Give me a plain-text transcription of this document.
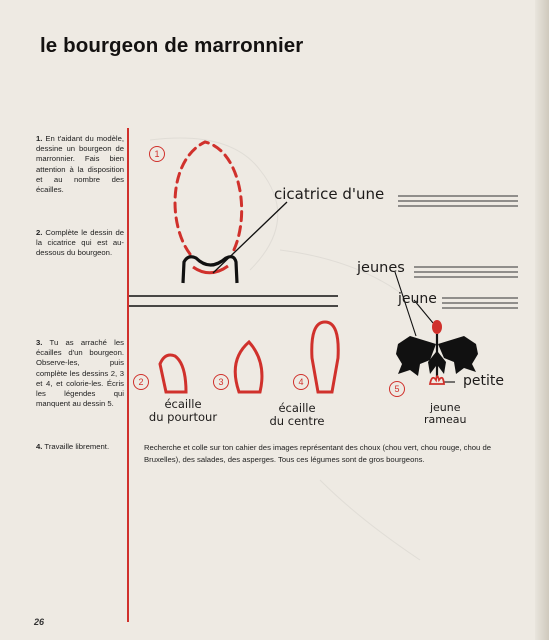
le bourgeon de marronnier
1. En t'aidant du modèle, dessine un bourgeon de marronnier. Fais bien attention à la disposition et au nombre des écailles.
2. Complète le dessin de la cicatrice qui est au-dessous du bourgeon.
3. Tu as arraché les écailles d'un bourgeon. Observe-les, puis complète les dessins 2, 3 et 4, et colorie-les. Écris les légendes qui manquent au dessin 5.
4. Travaille librement.	Recherche et colle sur ton cahier des images représentant des choux (chou vert, chou rouge, chou de Bruxelles), des salades, des asperges. Tous ces légumes sont de gros bourgeons.
1
2	3	4
5
cicatrice d'une
jeunes
jeune
petite
jeune
rameau
écaille
du pourtour
écaille
du centre
26
